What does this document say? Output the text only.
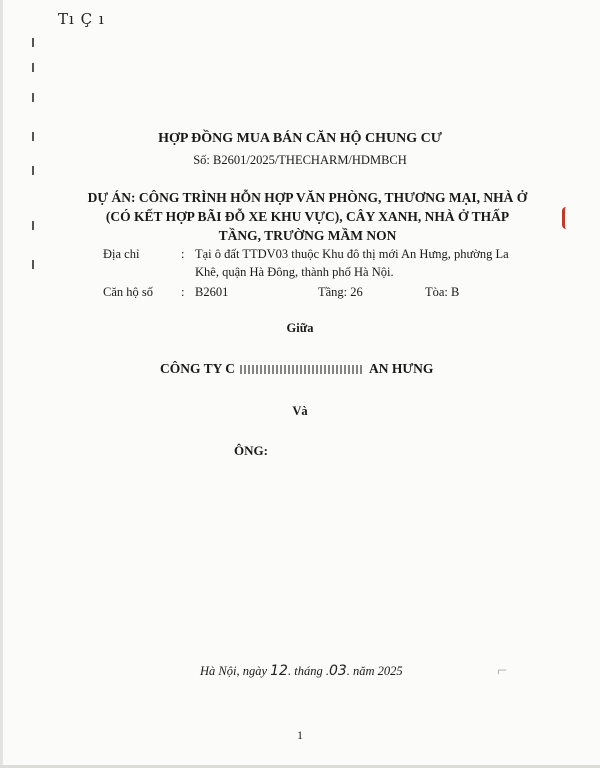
Tı Ç ı
⌐
HỢP ĐỒNG MUA BÁN CĂN HỘ CHUNG CƯ
Số: B2601/2025/THECHARM/HDMBCH
DỰ ÁN: CÔNG TRÌNH HỖN HỢP VĂN PHÒNG, THƯƠNG MẠI, NHÀ Ở (CÓ KẾT HỢP BÃI ĐỖ XE KHU VỰC), CÂY XANH, NHÀ Ở THẤP TẦNG, TRƯỜNG MẦM NON
Địa chỉ	: Tại ô đất TTDV03 thuộc Khu đô thị mới An Hưng, phường La
Khê, quận Hà Đông, thành phố Hà Nội.
Căn hộ số : B2601	Tầng: 26	Tòa: B
Giữa
CÔNG TY C	AN HƯNG
Và
ÔNG:
Hà Nội, ngày 12. tháng .03. năm 2025
1
